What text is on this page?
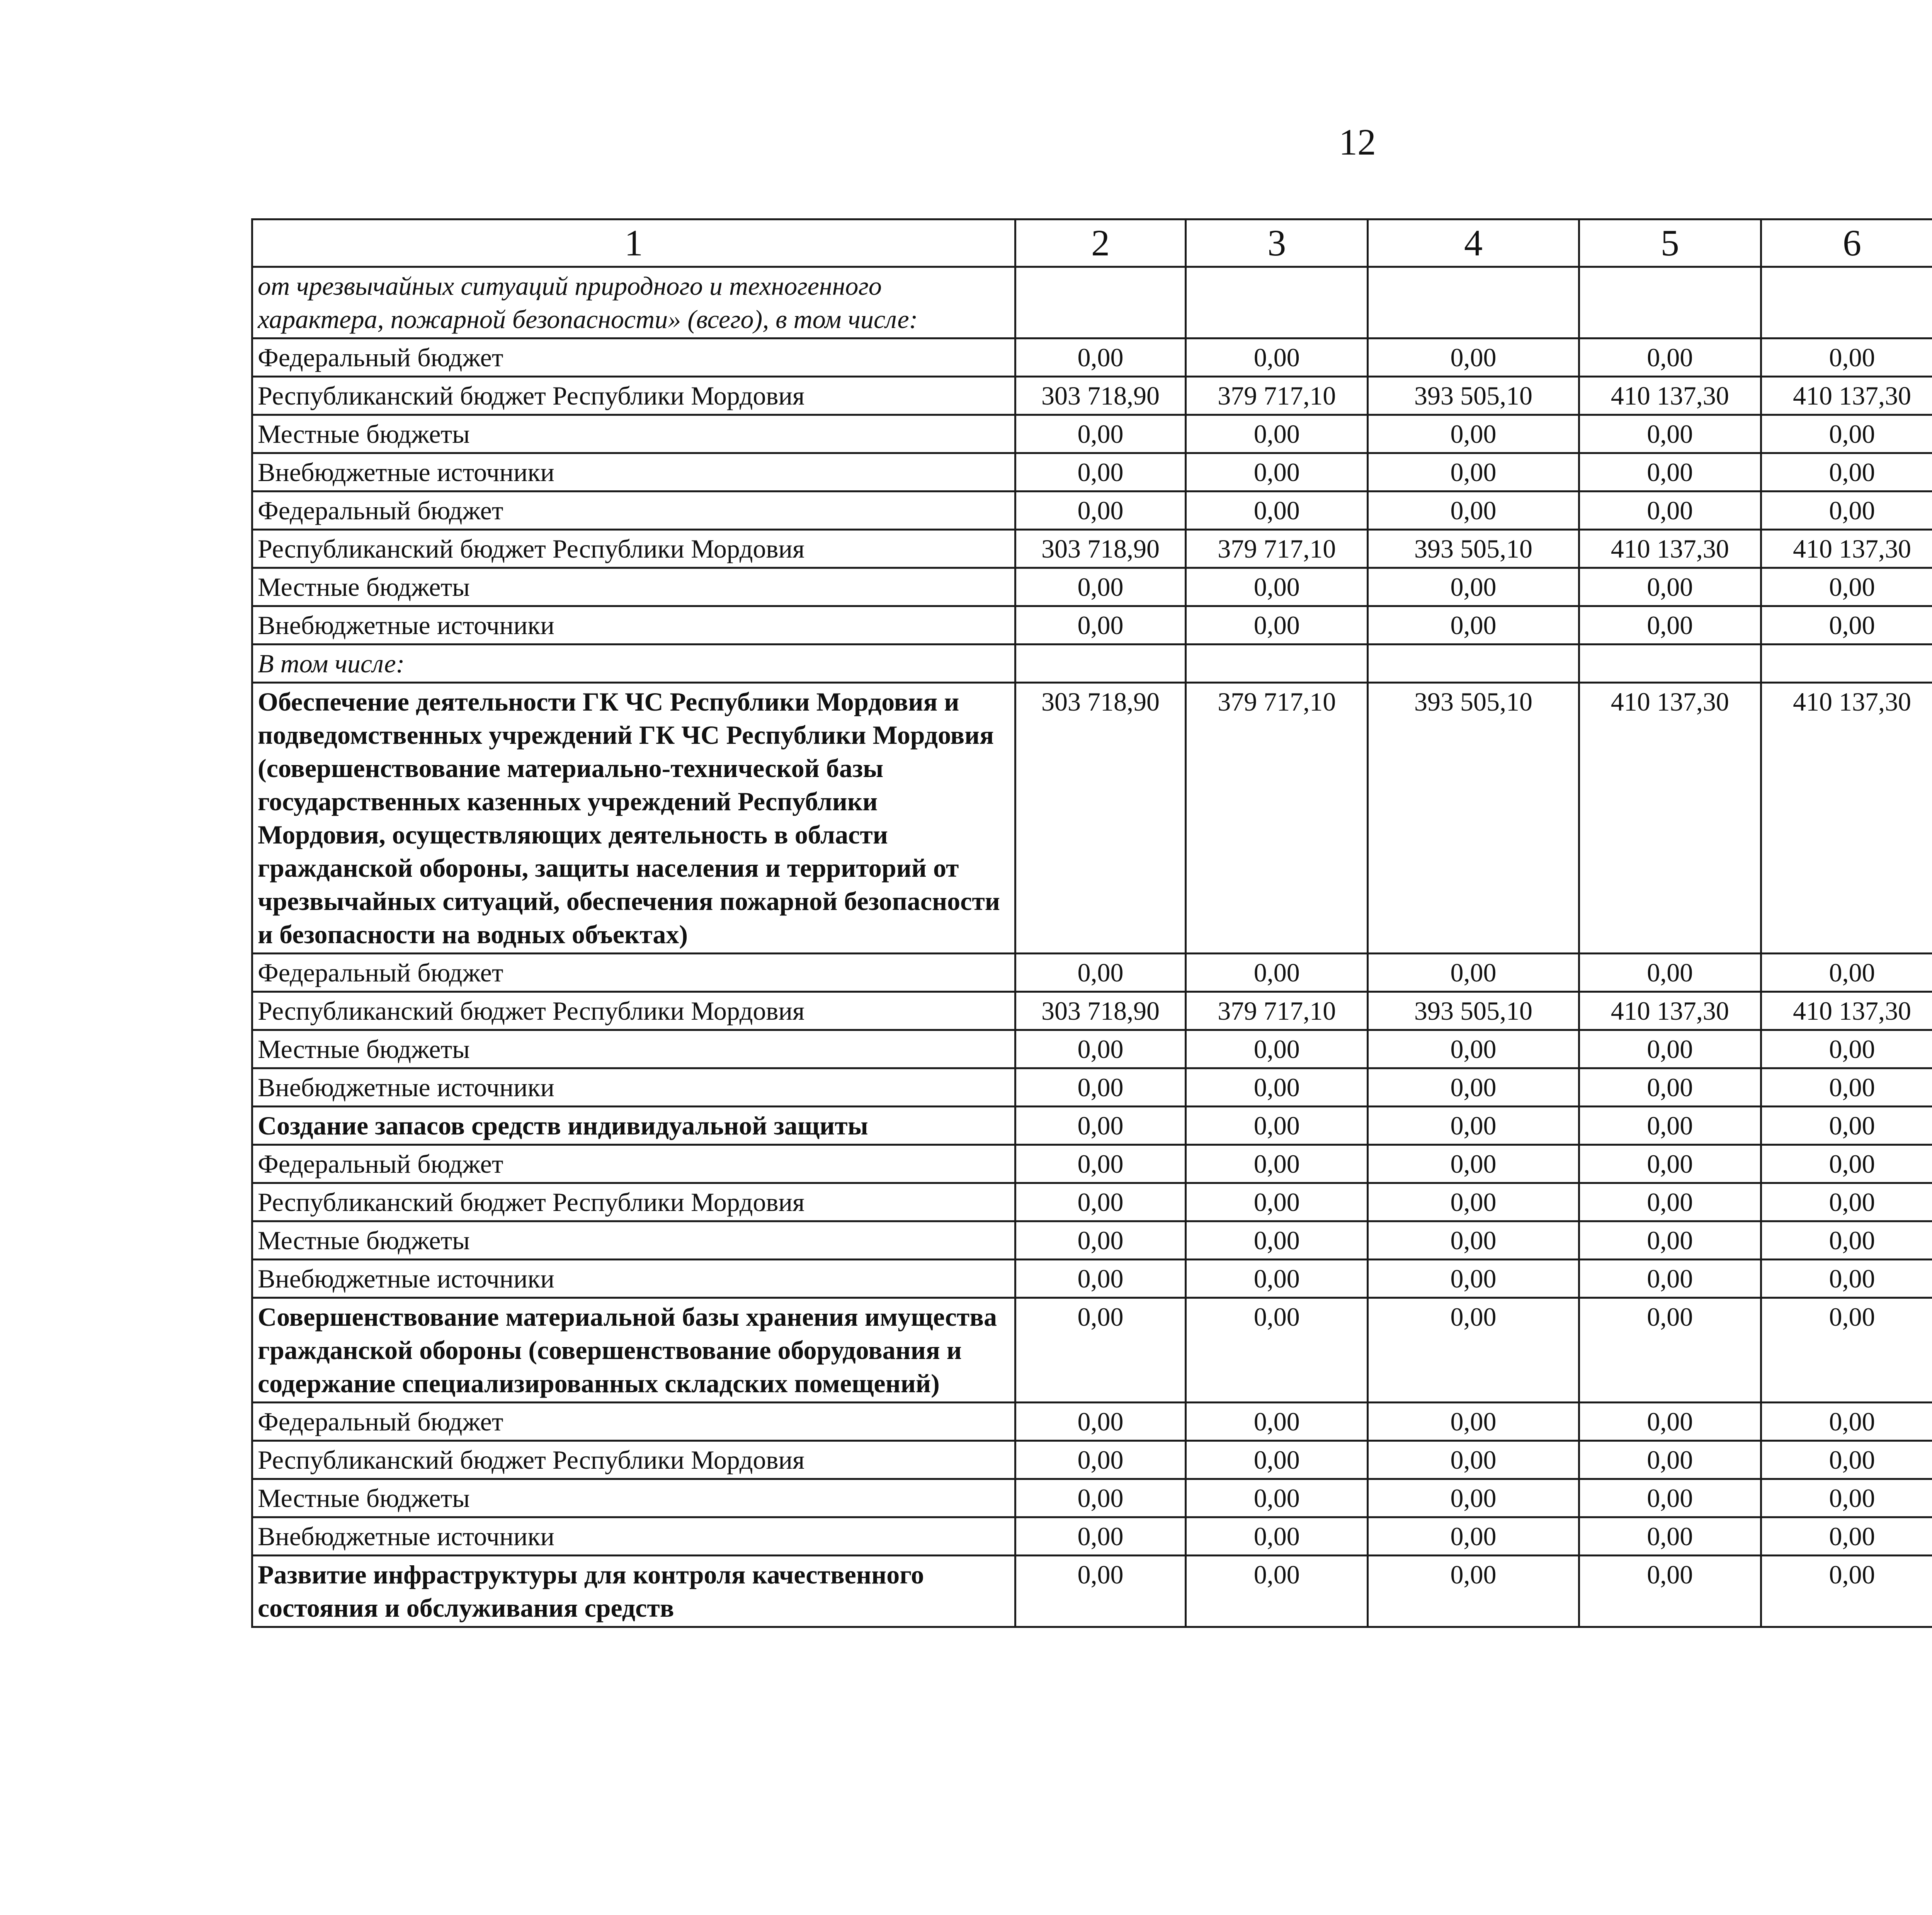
12
1	2	3	4	5	6			
от чрезвычайных ситуаций природного и техногенного характера, пожарной безопасности» (всего), в том числе:								
Федеральный бюджет	0,00	0,00	0,00	0,00	0,00			
Республиканский бюджет Республики Мордовия	303 718,90	379 717,10	393 505,10	410 137,30	410 137,30			
Местные бюджеты	0,00	0,00	0,00	0,00	0,00			
Внебюджетные источники	0,00	0,00	0,00	0,00	0,00			
Федеральный бюджет	0,00	0,00	0,00	0,00	0,00			
Республиканский бюджет Республики Мордовия	303 718,90	379 717,10	393 505,10	410 137,30	410 137,30			
Местные бюджеты	0,00	0,00	0,00	0,00	0,00			
Внебюджетные источники	0,00	0,00	0,00	0,00	0,00			
В том числе:								
Обеспечение деятельности ГК ЧС Республики Мордовия и подведомственных учреждений ГК ЧС Республики Мордовия (совершенствование материально-технической базы государственных казенных учреждений Республики Мордовия, осуществляющих деятельность в области гражданской обороны, защиты населения и территорий от чрезвычайных ситуаций, обеспечения пожарной безопасности и безопасности на водных объектах)	303 718,90	379 717,10	393 505,10	410 137,30	410 137,30			
Федеральный бюджет	0,00	0,00	0,00	0,00	0,00			
Республиканский бюджет Республики Мордовия	303 718,90	379 717,10	393 505,10	410 137,30	410 137,30			
Местные бюджеты	0,00	0,00	0,00	0,00	0,00			
Внебюджетные источники	0,00	0,00	0,00	0,00	0,00			
Создание запасов средств индивидуальной защиты	0,00	0,00	0,00	0,00	0,00			
Федеральный бюджет	0,00	0,00	0,00	0,00	0,00			
Республиканский бюджет Республики Мордовия	0,00	0,00	0,00	0,00	0,00			
Местные бюджеты	0,00	0,00	0,00	0,00	0,00			
Внебюджетные источники	0,00	0,00	0,00	0,00	0,00			
Совершенствование материальной базы хранения имущества гражданской обороны (совершенствование оборудования и содержание специализированных складских помещений)	0,00	0,00	0,00	0,00	0,00			
Федеральный бюджет	0,00	0,00	0,00	0,00	0,00			
Республиканский бюджет Республики Мордовия	0,00	0,00	0,00	0,00	0,00			
Местные бюджеты	0,00	0,00	0,00	0,00	0,00			
Внебюджетные источники	0,00	0,00	0,00	0,00	0,00			
Развитие инфраструктуры для контроля качественного состояния и обслуживания средств	0,00	0,00	0,00	0,00	0,00			
